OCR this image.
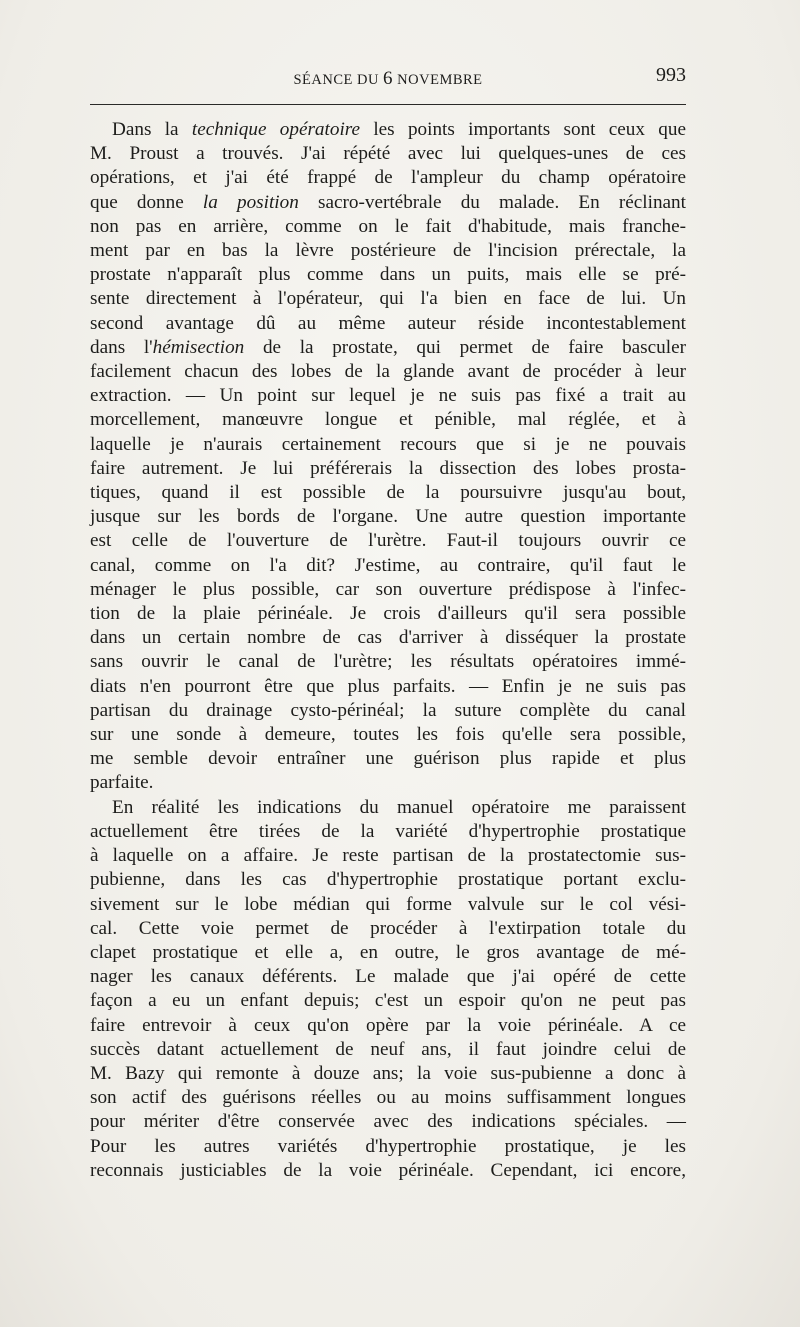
SÉANCE DU 6 NOVEMBRE	993

Dans la technique opératoire les points importants sont ceux que
M. Proust a trouvés. J'ai répété avec lui quelques-unes de ces
opérations, et j'ai été frappé de l'ampleur du champ opératoire
que donne la position sacro-vertébrale du malade. En réclinant
non pas en arrière, comme on le fait d'habitude, mais franche-
ment par en bas la lèvre postérieure de l'incision prérectale, la
prostate n'apparaît plus comme dans un puits, mais elle se pré-
sente directement à l'opérateur, qui l'a bien en face de lui. Un
second avantage dû au même auteur réside incontestablement
dans l'hémisection de la prostate, qui permet de faire basculer
facilement chacun des lobes de la glande avant de procéder à leur
extraction. — Un point sur lequel je ne suis pas fixé a trait au
morcellement, manœuvre longue et pénible, mal réglée, et à
laquelle je n'aurais certainement recours que si je ne pouvais
faire autrement. Je lui préférerais la dissection des lobes prosta-
tiques, quand il est possible de la poursuivre jusqu'au bout,
jusque sur les bords de l'organe. Une autre question importante
est celle de l'ouverture de l'urètre. Faut-il toujours ouvrir ce
canal, comme on l'a dit? J'estime, au contraire, qu'il faut le
ménager le plus possible, car son ouverture prédispose à l'infec-
tion de la plaie périnéale. Je crois d'ailleurs qu'il sera possible
dans un certain nombre de cas d'arriver à disséquer la prostate
sans ouvrir le canal de l'urètre; les résultats opératoires immé-
diats n'en pourront être que plus parfaits. — Enfin je ne suis pas
partisan du drainage cysto-périnéal; la suture complète du canal
sur une sonde à demeure, toutes les fois qu'elle sera possible,
me semble devoir entraîner une guérison plus rapide et plus
parfaite.

En réalité les indications du manuel opératoire me paraissent
actuellement être tirées de la variété d'hypertrophie prostatique
à laquelle on a affaire. Je reste partisan de la prostatectomie sus-
pubienne, dans les cas d'hypertrophie prostatique portant exclu-
sivement sur le lobe médian qui forme valvule sur le col vési-
cal. Cette voie permet de procéder à l'extirpation totale du
clapet prostatique et elle a, en outre, le gros avantage de mé-
nager les canaux déférents. Le malade que j'ai opéré de cette
façon a eu un enfant depuis; c'est un espoir qu'on ne peut pas
faire entrevoir à ceux qu'on opère par la voie périnéale. A ce
succès datant actuellement de neuf ans, il faut joindre celui de
M. Bazy qui remonte à douze ans; la voie sus-pubienne a donc à
son actif des guérisons réelles ou au moins suffisamment longues
pour mériter d'être conservée avec des indications spéciales. —
Pour les autres variétés d'hypertrophie prostatique, je les
reconnais justiciables de la voie périnéale. Cependant, ici encore,
